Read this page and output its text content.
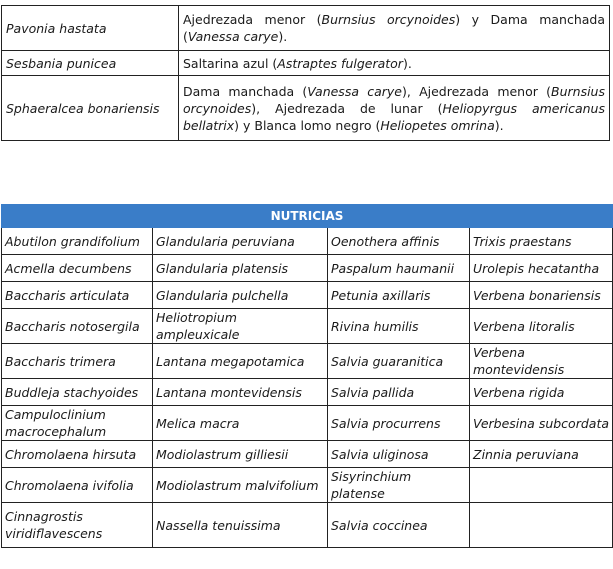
Pavonia hastata	Ajedrezada menor (Burnsius orcynoides) y Dama manchada (Vanessa carye).
Sesbania punicea	Saltarina azul (Astraptes fulgerator).
Sphaeralcea bonariensis	Dama manchada (Vanessa carye), Ajedrezada menor (Burnsius orcynoides), Ajedrezada de lunar (Heliopyrgus americanus bellatrix) y Blanca lomo negro (Heliopetes omrina).
NUTRICIAS			
Abutilon grandifolium	Glandularia peruviana	Oenothera affinis	Trixis praestans
Acmella decumbens	Glandularia platensis	Paspalum haumanii	Urolepis hecatantha
Baccharis articulata	Glandularia pulchella	Petunia axillaris	Verbena bonariensis
Baccharis notosergila	Heliotropium ampleuxicale	Rivina humilis	Verbena litoralis
Baccharis trimera	Lantana megapotamica	Salvia guaranitica	Verbena montevidensis
Buddleja stachyoides	Lantana montevidensis	Salvia pallida	Verbena rigida
Campuloclinium macrocephalum	Melica macra	Salvia procurrens	Verbesina subcordata
Chromolaena hirsuta	Modiolastrum gilliesii	Salvia uliginosa	Zinnia peruviana
Chromolaena ivifolia	Modiolastrum malvifolium	Sisyrinchium platense	
Cinnagrostis viridiflavescens	Nassella tenuissima	Salvia coccinea	
